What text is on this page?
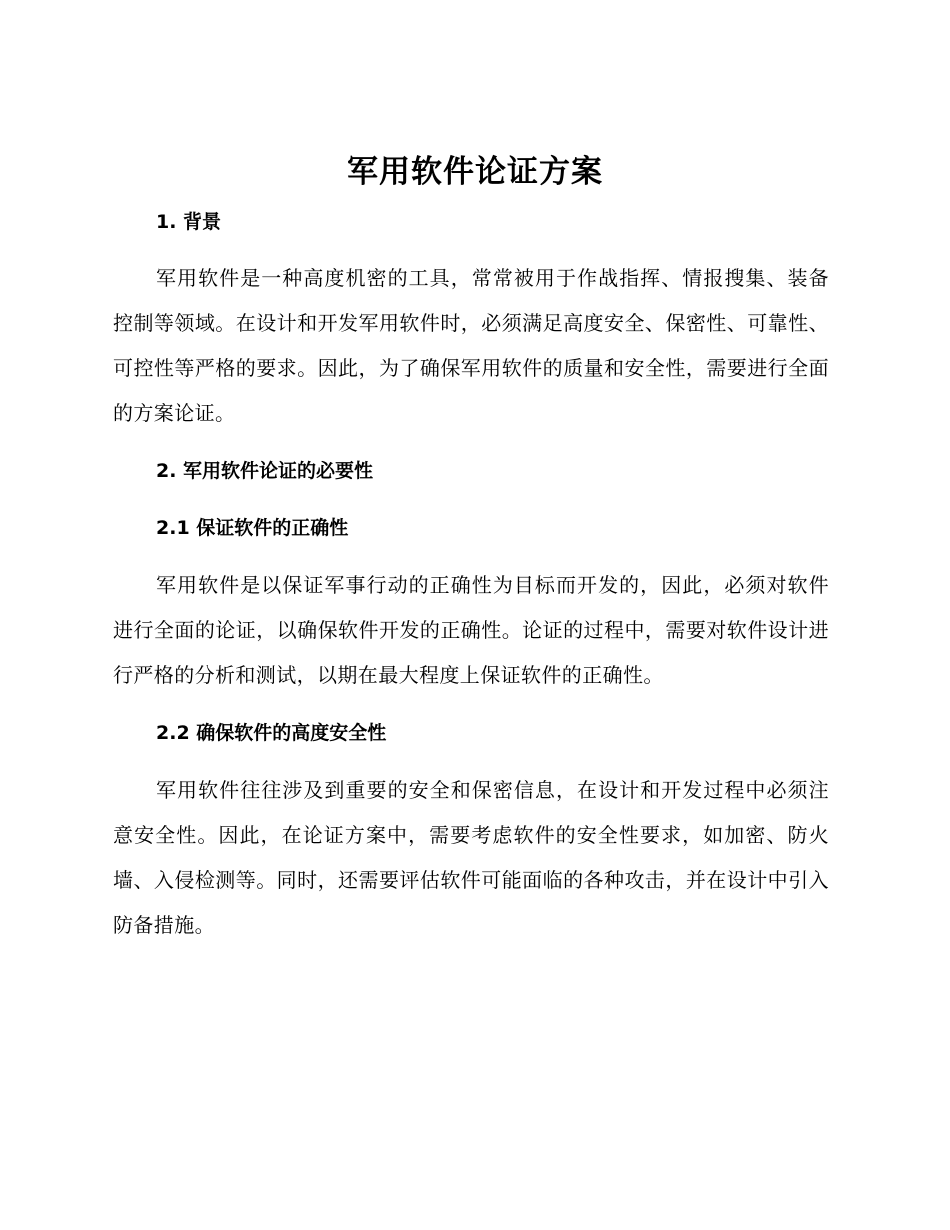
军用软件论证方案
1. 背景
军用软件是一种高度机密的工具，常常被用于作战指挥、情报搜集、装备控制等领域。在设计和开发军用软件时，必须满足高度安全、保密性、可靠性、可控性等严格的要求。因此，为了确保军用软件的质量和安全性，需要进行全面的方案论证。
2. 军用软件论证的必要性
2.1 保证软件的正确性
军用软件是以保证军事行动的正确性为目标而开发的，因此，必须对软件进行全面的论证，以确保软件开发的正确性。论证的过程中，需要对软件设计进行严格的分析和测试，以期在最大程度上保证软件的正确性。
2.2 确保软件的高度安全性
军用软件往往涉及到重要的安全和保密信息，在设计和开发过程中必须注意安全性。因此，在论证方案中，需要考虑软件的安全性要求，如加密、防火墙、入侵检测等。同时，还需要评估软件可能面临的各种攻击，并在设计中引入防备措施。
